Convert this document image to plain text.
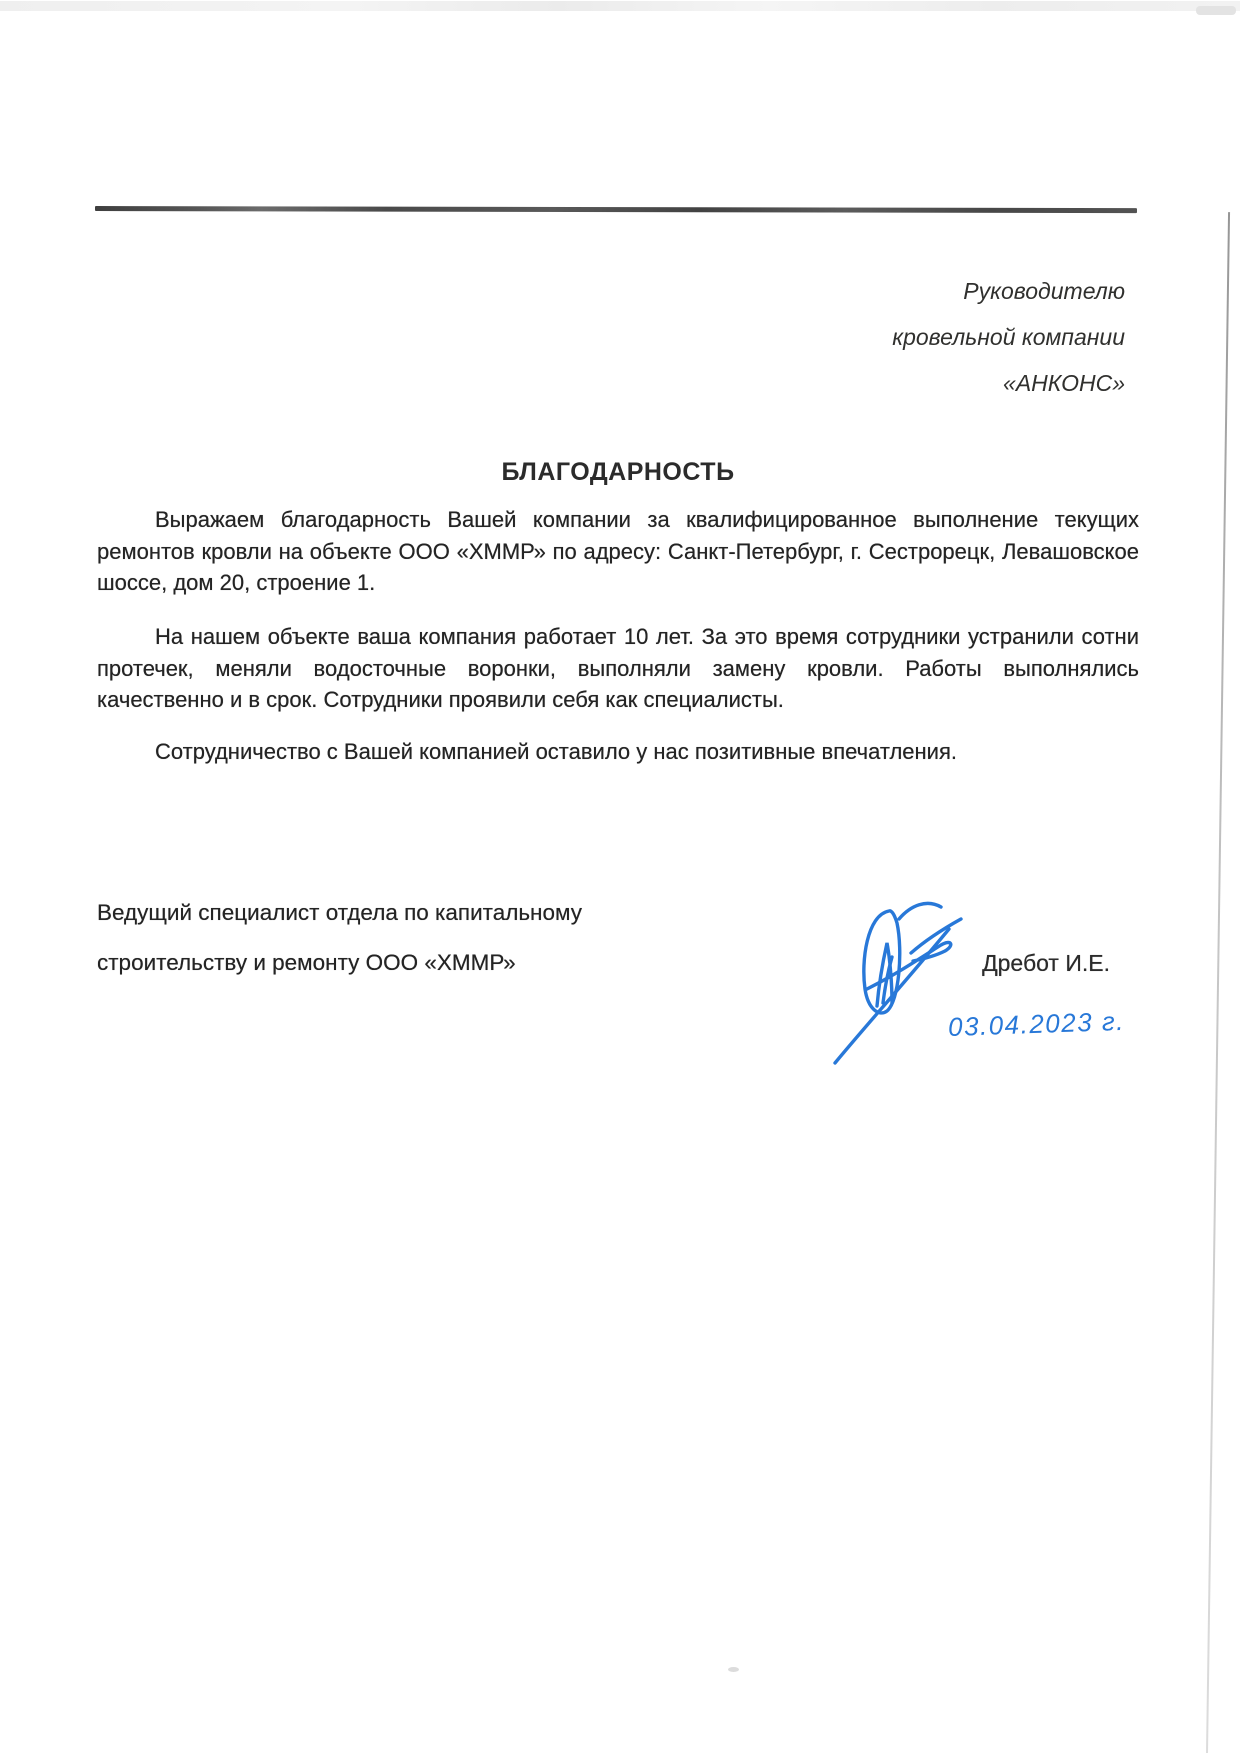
Руководителю
кровельной компании
«АНКОНС»
БЛАГОДАРНОСТЬ
Выражаем благодарность Вашей компании за квалифицированное выполнение текущих ремонтов кровли на объекте ООО «ХММР» по адресу: Санкт-Петербург, г. Сестрорецк, Левашовское шоссе, дом 20, строение 1.
На нашем объекте ваша компания работает 10 лет. За это время сотрудники устранили сотни протечек, меняли водосточные воронки, выполняли замену кровли. Работы выполнялись качественно и в срок. Сотрудники проявили себя как специалисты.
Сотрудничество с Вашей компанией оставило у нас позитивные впечатления.
Ведущий специалист отдела по капитальному
строительству и ремонту ООО «ХММР»	Дребот И.Е.
03.04.2023 г.
